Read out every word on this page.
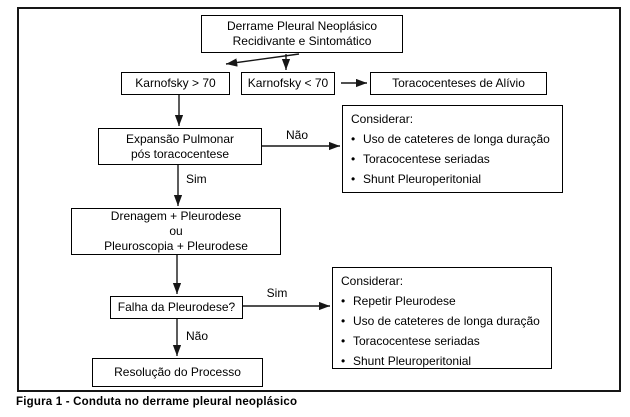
Derrame Pleural Neoplásico
Recidivante e Sintomático
Karnofsky > 70	Karnofsky < 70	Toracocenteses de Alívio
Expansão Pulmonar
pós toracocentese
Considerar:
• Uso de cateteres de longa duração
• Toracocentese seriadas
• Shunt Pleuroperitonial
Drenagem + Pleurodese
ou
Pleuroscopia + Pleurodese
Falha da Pleurodese?
Considerar:
• Repetir Pleurodese
• Uso de cateteres de longa duração
• Toracocentese seriadas
• Shunt Pleuroperitonial
Resolução do Processo
Não
Sim
Sim
Não
Figura 1 - Conduta no derrame pleural neoplásico
